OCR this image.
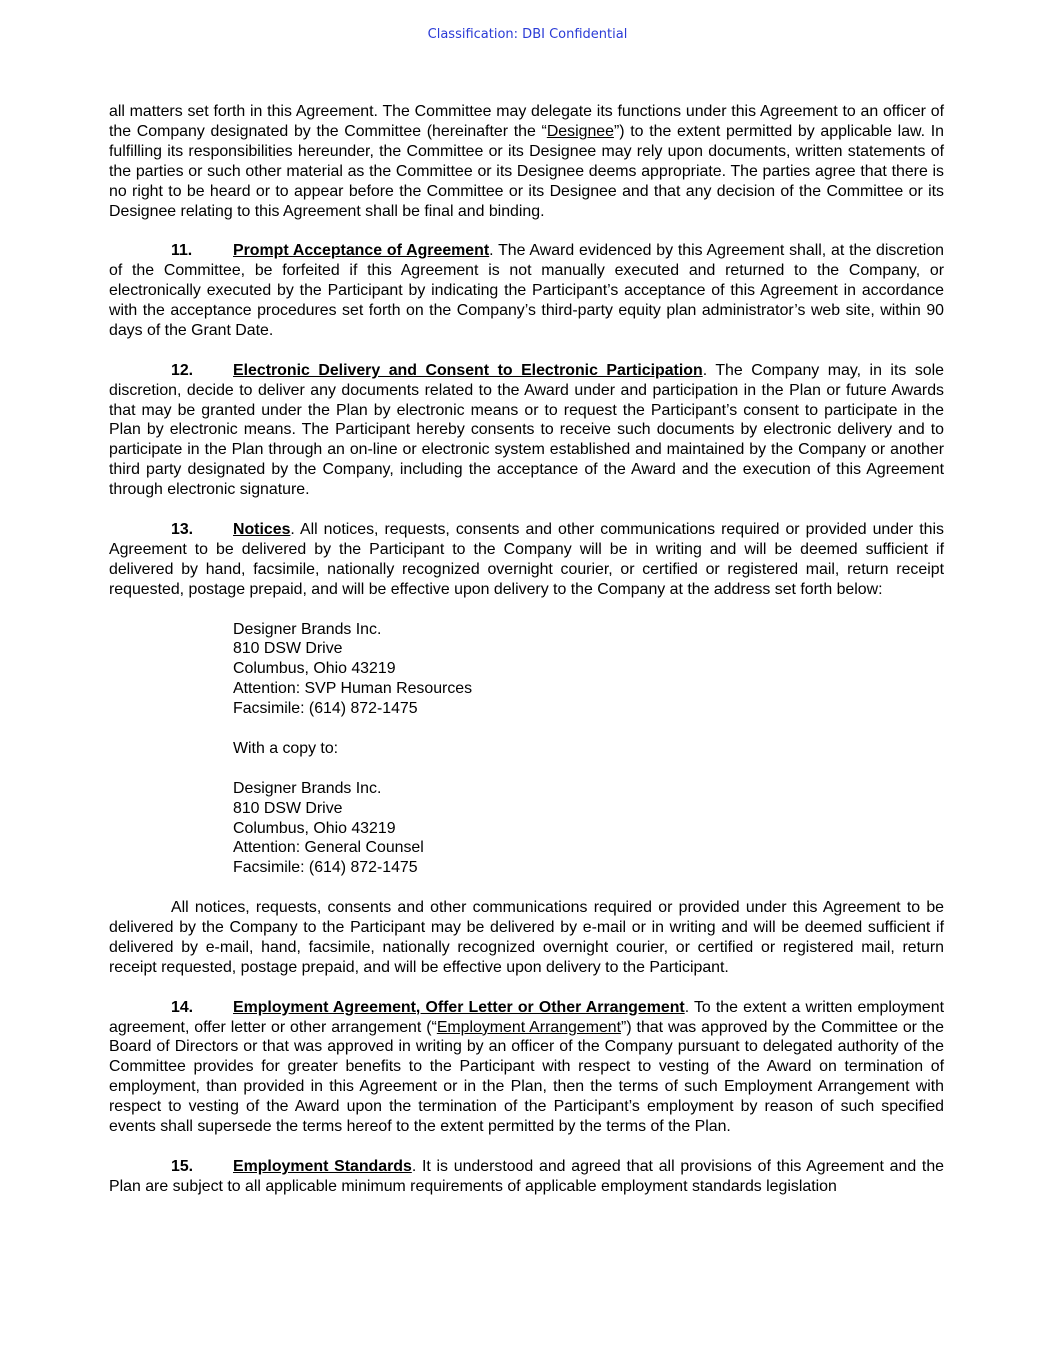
Classification: DBI Confidential

all matters set forth in this Agreement. The Committee may delegate its functions under this Agreement to an officer of the Company designated by the Committee (hereinafter the “Designee”) to the extent permitted by applicable law. In fulfilling its responsibilities hereunder, the Committee or its Designee may rely upon documents, written statements of the parties or such other material as the Committee or its Designee deems appropriate. The parties agree that there is no right to be heard or to appear before the Committee or its Designee and that any decision of the Committee or its Designee relating to this Agreement shall be final and binding.

11.	Prompt Acceptance of Agreement. The Award evidenced by this Agreement shall, at the discretion of the Committee, be forfeited if this Agreement is not manually executed and returned to the Company, or electronically executed by the Participant by indicating the Participant’s acceptance of this Agreement in accordance with the acceptance procedures set forth on the Company’s third-party equity plan administrator’s web site, within 90 days of the Grant Date.

12.	Electronic Delivery and Consent to Electronic Participation. The Company may, in its sole discretion, decide to deliver any documents related to the Award under and participation in the Plan or future Awards that may be granted under the Plan by electronic means or to request the Participant’s consent to participate in the Plan by electronic means. The Participant hereby consents to receive such documents by electronic delivery and to participate in the Plan through an on-line or electronic system established and maintained by the Company or another third party designated by the Company, including the acceptance of the Award and the execution of this Agreement through electronic signature.

13.	Notices. All notices, requests, consents and other communications required or provided under this Agreement to be delivered by the Participant to the Company will be in writing and will be deemed sufficient if delivered by hand, facsimile, nationally recognized overnight courier, or certified or registered mail, return receipt requested, postage prepaid, and will be effective upon delivery to the Company at the address set forth below:

Designer Brands Inc.
810 DSW Drive
Columbus, Ohio 43219
Attention: SVP Human Resources
Facsimile: (614) 872-1475
With a copy to:
Designer Brands Inc.
810 DSW Drive
Columbus, Ohio 43219
Attention: General Counsel
Facsimile: (614) 872-1475

All notices, requests, consents and other communications required or provided under this Agreement to be delivered by the Company to the Participant may be delivered by e-mail or in writing and will be deemed sufficient if delivered by e-mail, hand, facsimile, nationally recognized overnight courier, or certified or registered mail, return receipt requested, postage prepaid, and will be effective upon delivery to the Participant.

14.	Employment Agreement, Offer Letter or Other Arrangement. To the extent a written employment agreement, offer letter or other arrangement (“Employment Arrangement”) that was approved by the Committee or the Board of Directors or that was approved in writing by an officer of the Company pursuant to delegated authority of the Committee provides for greater benefits to the Participant with respect to vesting of the Award on termination of employment, than provided in this Agreement or in the Plan, then the terms of such Employment Arrangement with respect to vesting of the Award upon the termination of the Participant’s employment by reason of such specified events shall supersede the terms hereof to the extent permitted by the terms of the Plan.

15.	Employment Standards. It is understood and agreed that all provisions of this Agreement and the Plan are subject to all applicable minimum requirements of applicable employment standards legislation
